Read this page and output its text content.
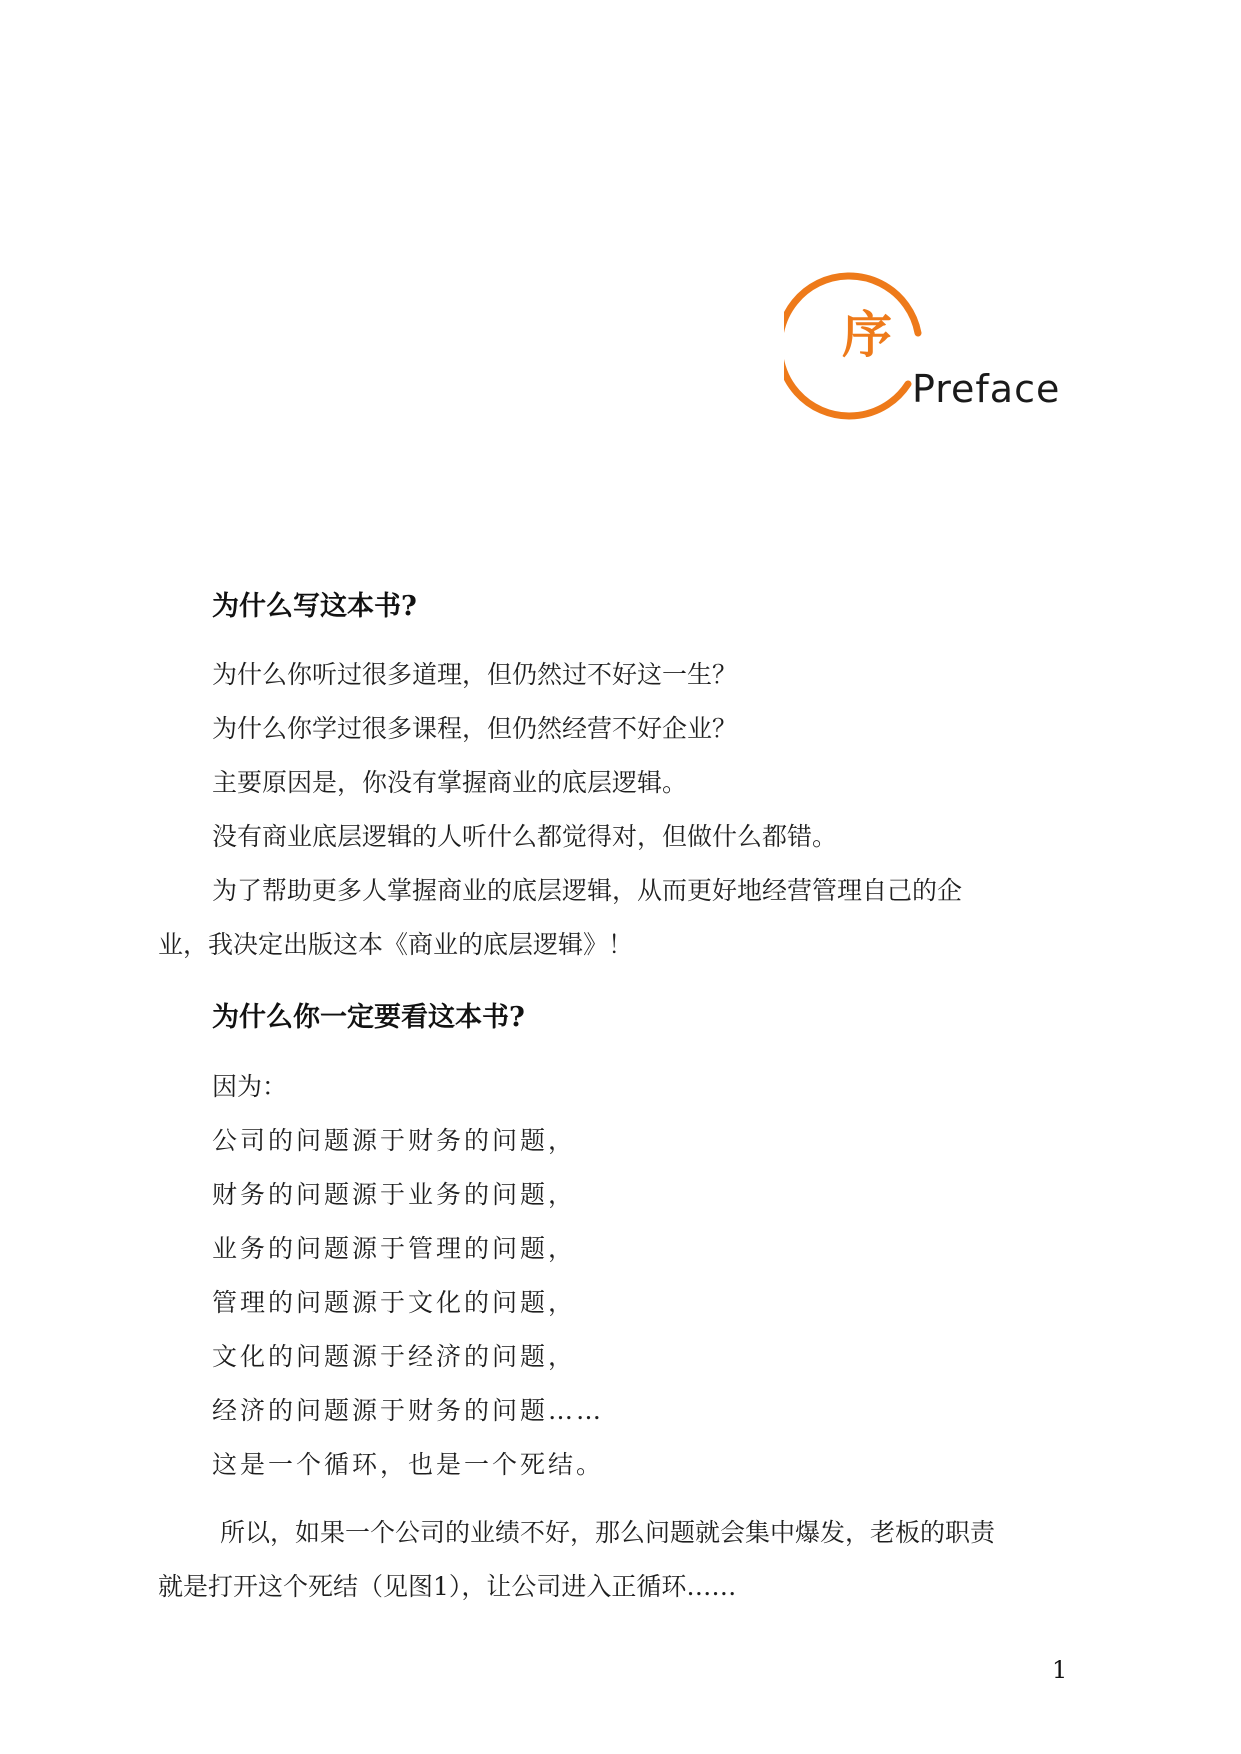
序
Preface

为什么写这本书?

为什么你听过很多道理，但仍然过不好这一生？

为什么你学过很多课程，但仍然经营不好企业？

主要原因是，你没有掌握商业的底层逻辑。

没有商业底层逻辑的人听什么都觉得对，但做什么都错。

为了帮助更多人掌握商业的底层逻辑，从而更好地经营管理自己的企

业，我决定出版这本《商业的底层逻辑》！

为什么你一定要看这本书?

因为：

公司的问题源于财务的问题，

财务的问题源于业务的问题，

业务的问题源于管理的问题，

管理的问题源于文化的问题，

文化的问题源于经济的问题，

经济的问题源于财务的问题……

这是一个循环，也是一个死结。

所以，如果一个公司的业绩不好，那么问题就会集中爆发，老板的职责

就是打开这个死结（见图1），让公司进入正循环……

1
